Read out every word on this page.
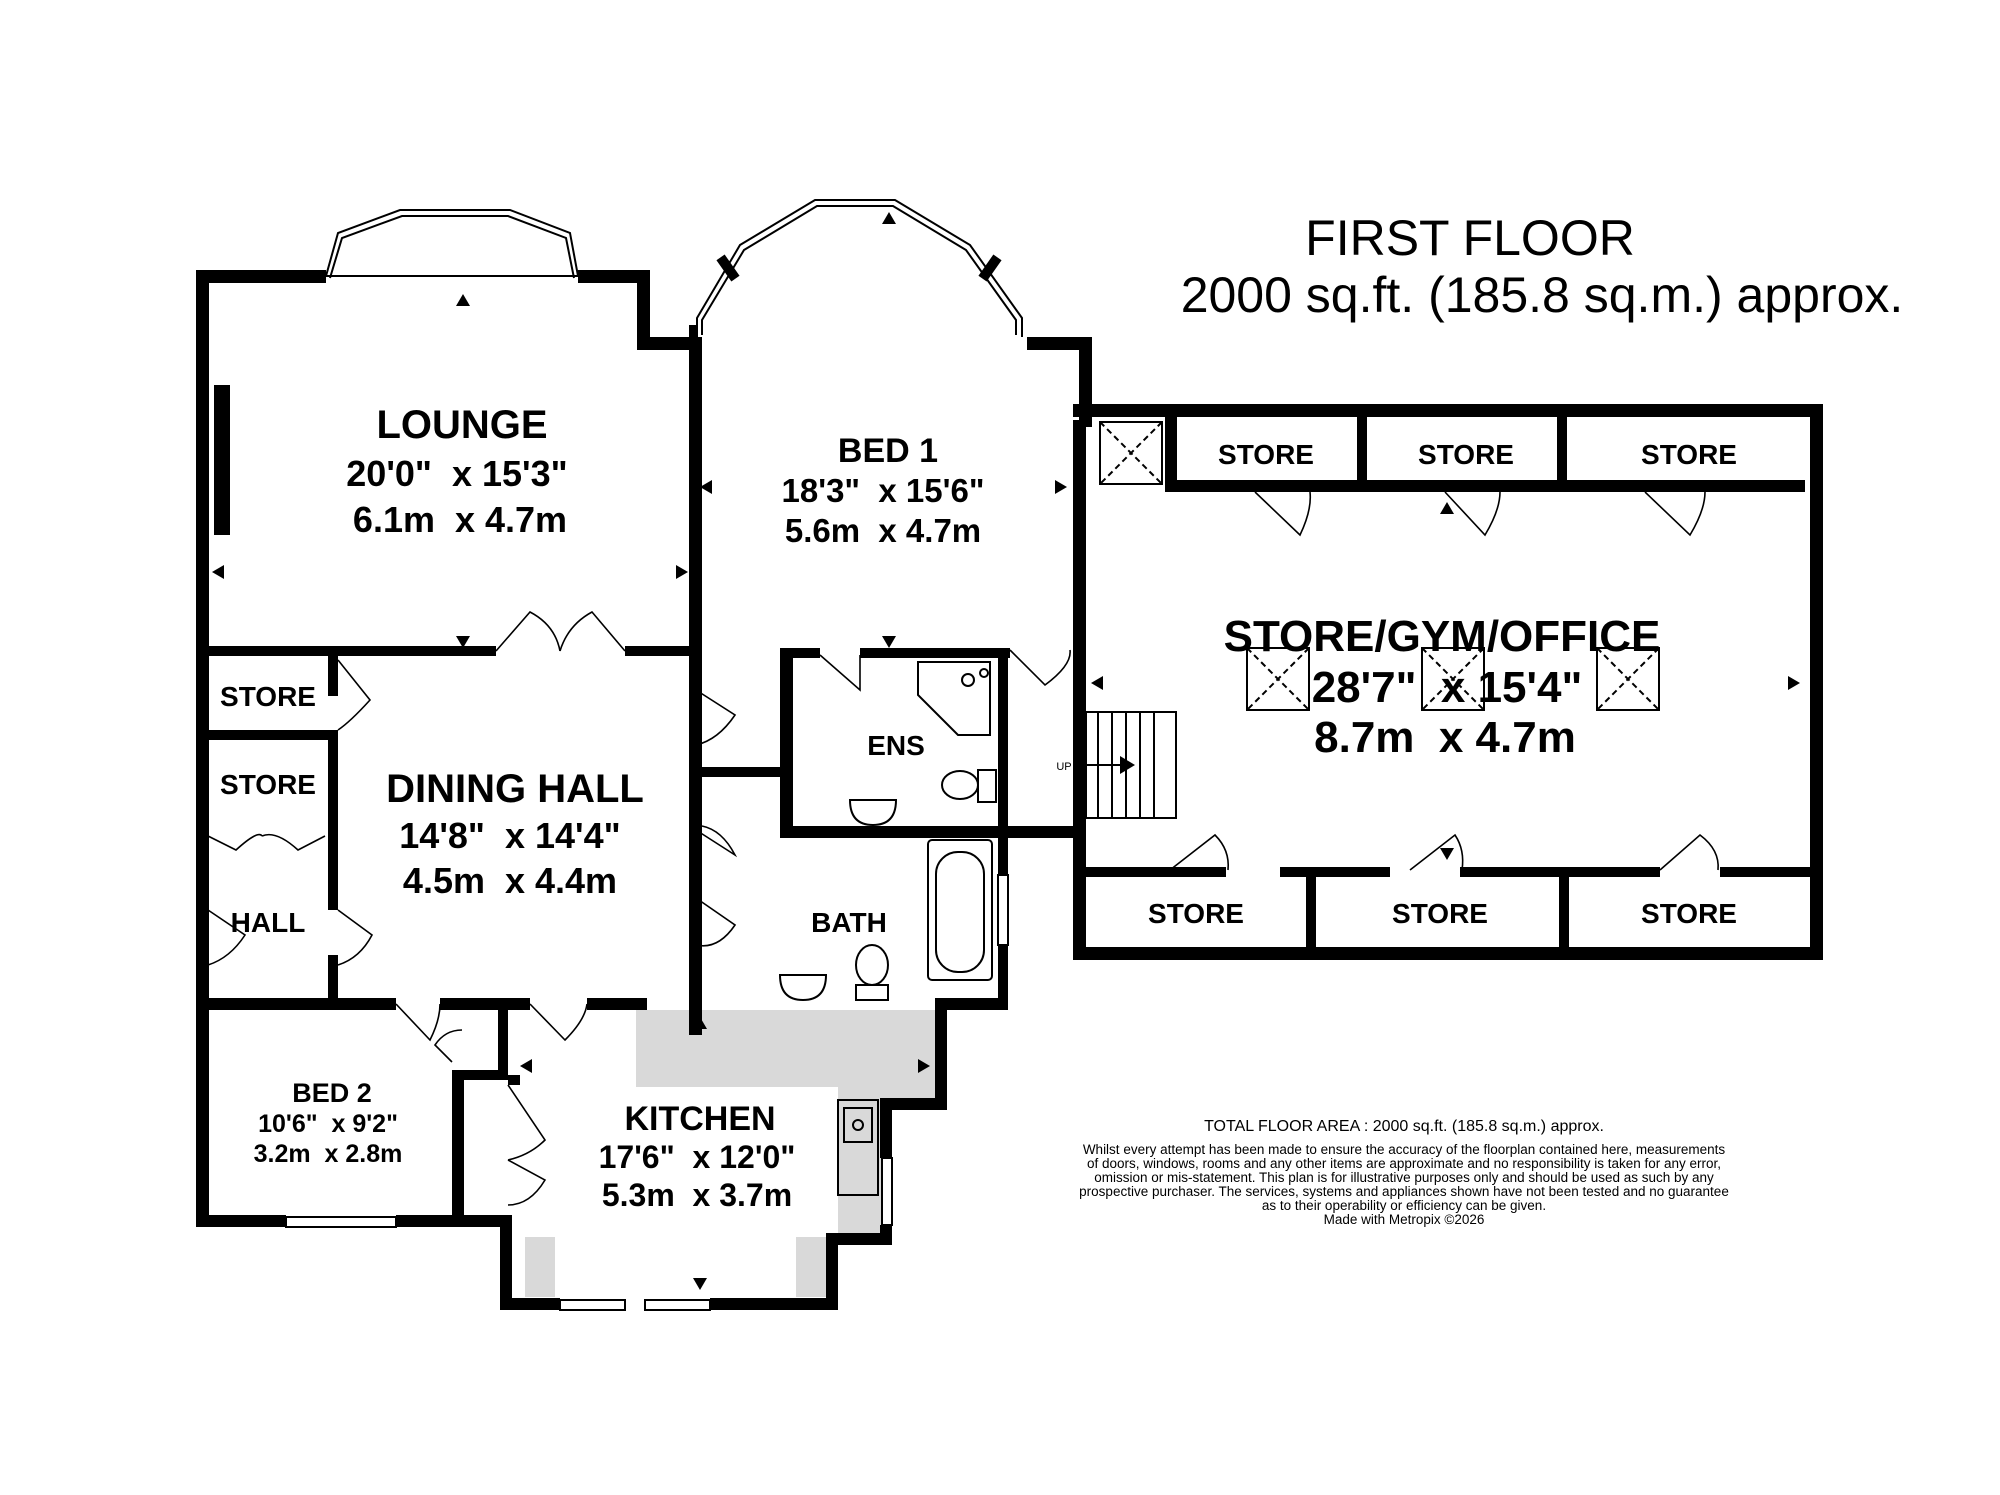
FIRST FLOOR
2000 sq.ft. (185.8 sq.m.) approx.
LOUNGE
20'0"  x 15'3"
6.1m  x 4.7m
BED 1
18'3"  x 15'6"
5.6m  x 4.7m
STORE/GYM/OFFICE
28'7"  x 15'4"
8.7m  x 4.7m
DINING HALL
14'8"  x 14'4"
4.5m  x 4.4m
ENS
BATH
HALL
BED 2
10'6"  x 9'2"
3.2m  x 2.8m
KITCHEN
17'6"  x 12'0"
5.3m  x 3.7m
STORE	STORE	STORE
STORE	STORE	STORE
STORE
STORE
UP
TOTAL FLOOR AREA : 2000 sq.ft. (185.8 sq.m.) approx.
Whilst every attempt has been made to ensure the accuracy of the floorplan contained here, measurements
of doors, windows, rooms and any other items are approximate and no responsibility is taken for any error,
omission or mis-statement. This plan is for illustrative purposes only and should be used as such by any
prospective purchaser. The services, systems and appliances shown have not been tested and no guarantee
as to their operability or efficiency can be given.
Made with Metropix ©2026
